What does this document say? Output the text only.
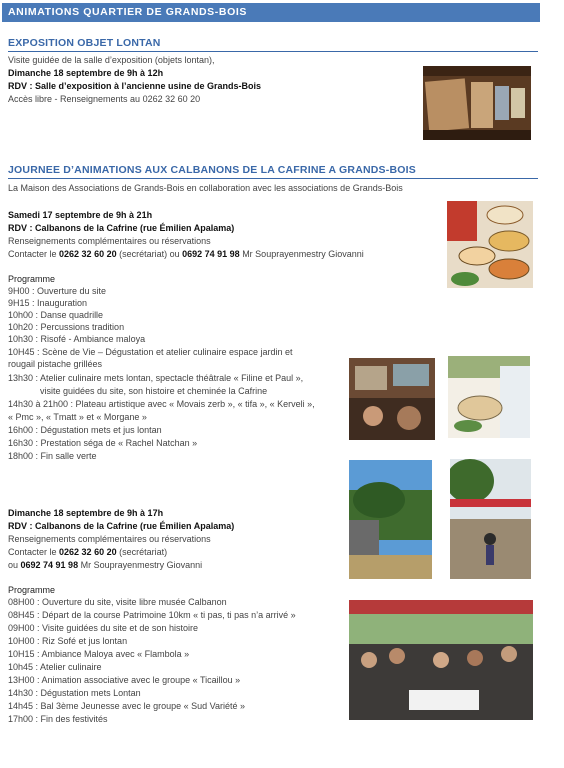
ANIMATIONS QUARTIER DE GRANDS-BOIS
EXPOSITION OBJET LONTAN
Visite guidée de la salle d’exposition (objets lontan),
Dimanche 18 septembre de 9h à 12h
RDV : Salle d’exposition à l’ancienne usine de Grands-Bois
Accès libre - Renseignements au 0262 32 60 20
JOURNEE D’ANIMATIONS AUX CALBANONS DE LA CAFRINE A GRANDS-BOIS
La Maison des Associations de Grands-Bois en collaboration avec les associations de Grands-Bois
Samedi 17 septembre de 9h à 21h
RDV : Calbanons de la Cafrine (rue Émilien Apalama)
Renseignements complémentaires ou réservations
Contacter le 0262 32 60 20 (secrétariat) ou 0692 74 91 98 Mr Souprayenmestry Giovanni
Programme
9H00 : Ouverture du site
9H15 : Inauguration
10h00 : Danse quadrille
10h20 : Percussions tradition
10h30 : Risofé - Ambiance maloya
10H45 : Scène de Vie – Dégustation et atelier culinaire espace jardin et
rougail pistache grillées
13h30 : Atelier culinaire mets lontan, spectacle théâtrale « Filine et Paul »,
visite guidées du site, son histoire et cheminée la Cafrine
14h30 à 21h00 : Plateau artistique avec « Movais zerb », « tifa », « Kerveli »,
« Pmc », « Tmatt » et « Morgane »
16h00 : Dégustation mets et jus lontan
16h30 : Prestation séga de « Rachel Natchan »
18h00 : Fin salle verte
Dimanche 18 septembre de 9h à 17h
RDV : Calbanons de la Cafrine (rue Émilien Apalama)
Renseignements complémentaires ou réservations
Contacter le 0262 32 60 20 (secrétariat)
ou 0692 74 91 98 Mr Souprayenmestry Giovanni
Programme
08H00 : Ouverture du site, visite libre musée Calbanon
08H45 : Départ de la course Patrimoine 10km « ti pas, ti pas n’a arrivé »
09H00 : Visite guidées du site et de son histoire
10H00 : Riz Sofé et jus lontan
10H15 : Ambiance Maloya avec « Flambola »
10h45 : Atelier culinaire
13H00 : Animation associative avec le groupe « Ticaillou »
14h30 : Dégustation mets Lontan
14h45 : Bal 3ème Jeunesse avec le groupe « Sud Variété »
17h00 : Fin des festivités
